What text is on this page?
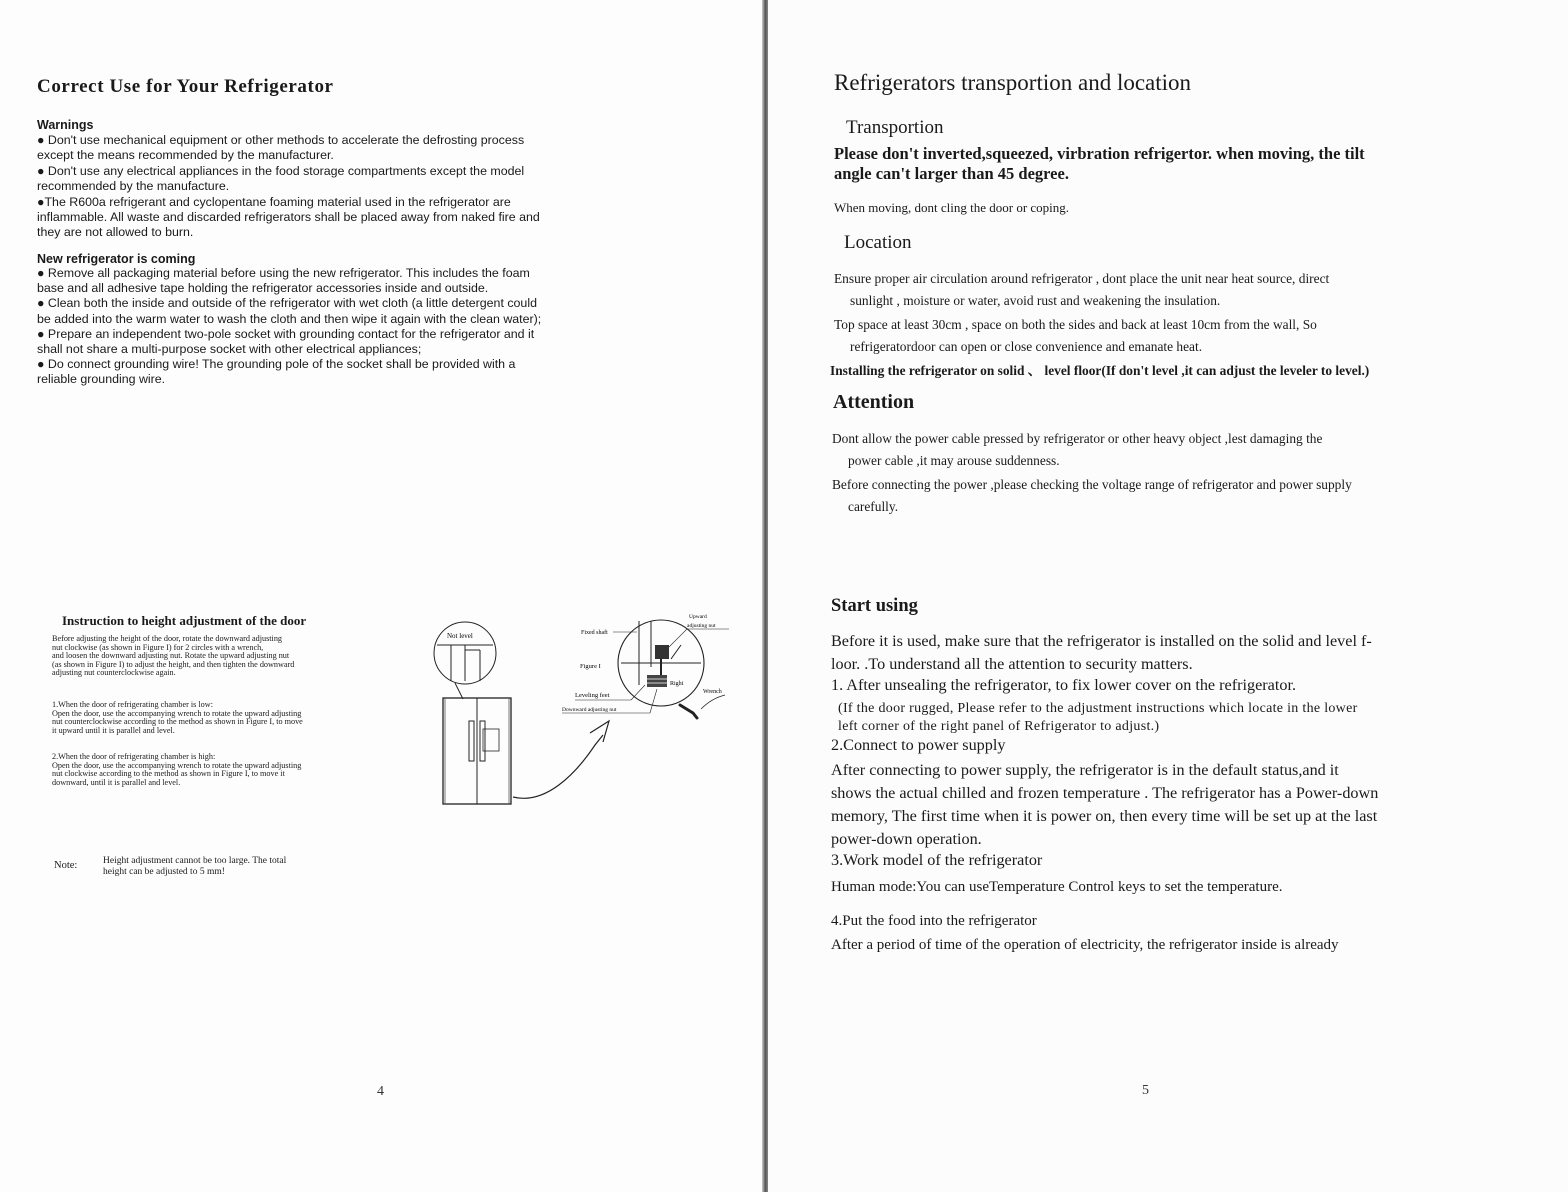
Correct Use for Your Refrigerator
Warnings
● Don't use mechanical equipment or other methods to accelerate the defrosting process
except the means recommended by the manufacturer.
● Don't use any electrical appliances in the food storage compartments except the model
recommended by the manufacture.
●The R600a refrigerant and cyclopentane foaming material used in the refrigerator are
inflammable. All waste and discarded refrigerators shall be placed away from naked fire and
they are not allowed to burn.
New refrigerator is coming
● Remove all packaging material before using the new refrigerator. This includes the foam
base and all adhesive tape holding the refrigerator accessories inside and outside.
● Clean both the inside and outside of the refrigerator with wet cloth (a little detergent could
be added into the warm water to wash the cloth and then wipe it again with the clean water);
● Prepare an independent two-pole socket with grounding contact for the refrigerator and it
shall not share a multi-purpose socket with other electrical appliances;
● Do connect grounding wire! The grounding pole of the socket shall be provided with a
reliable grounding wire.
Instruction to height adjustment of the door
Before adjusting the height of the door, rotate the downward adjusting
nut clockwise (as shown in Figure I) for 2 circles with a wrench,
and loosen the downward adjusting nut. Rotate the upward adjusting nut
(as shown in Figure I) to adjust the height, and then tighten the downward
adjusting nut counterclockwise again.
1.When the door of refrigerating chamber is low:
Open the door, use the accompanying wrench to rotate the upward adjusting
nut counterclockwise according to the method as shown in Figure I, to move
it upward until it is parallel and level.
2.When the door of refrigerating chamber is high:
Open the door, use the accompanying wrench to rotate the upward adjusting
nut clockwise according to the method as shown in Figure I, to move it
downward, until it is parallel and level.
Note:	Height adjustment cannot be too large. The total
height can be adjusted to 5 mm!
Not level	Fixed shaft
Figure I
Leveling feet
Downward adjusting nut
Upward
adjusting nut
Right
Wrench
4
Refrigerators transportion and location
Transportion
Please don't inverted,squeezed, virbration refrigertor. when moving, the tilt
angle can't larger than 45 degree.
When moving, dont cling the door or coping.
Location
Ensure proper air circulation around refrigerator , dont place the unit near heat source, direct
sunlight , moisture or water, avoid rust and weakening the insulation.
Top space at least 30cm , space on both the sides and back at least 10cm from the wall, So
refrigeratordoor can open or close convenience and emanate heat.
Installing the refrigerator on solid 、 level floor(If don't level ,it can adjust the leveler to level.)
Attention
Dont allow the power cable pressed by refrigerator or other heavy object ,lest damaging the
power cable ,it may arouse suddenness.
Before connecting the power ,please checking the voltage range of refrigerator and power supply
carefully.
Start using
Before it is used, make sure that the refrigerator is installed on the solid and level f-
loor. .To understand all the attention to security matters.
1. After unsealing the refrigerator, to fix lower cover on the refrigerator.
(If the door rugged, Please refer to the adjustment instructions which locate in the lower
left corner of the right panel of Refrigerator to adjust.)
2.Connect to power supply
After connecting to power supply, the refrigerator is in the default status,and it
shows the actual chilled and frozen temperature . The refrigerator has a Power-down
memory, The first time when it is power on, then every time will be set up at the last
power-down operation.
3.Work model of the refrigerator
Human mode:You can useTemperature Control keys to set the temperature.
4.Put the food into the refrigerator
After a period of time of the operation of electricity, the refrigerator inside is already
5
